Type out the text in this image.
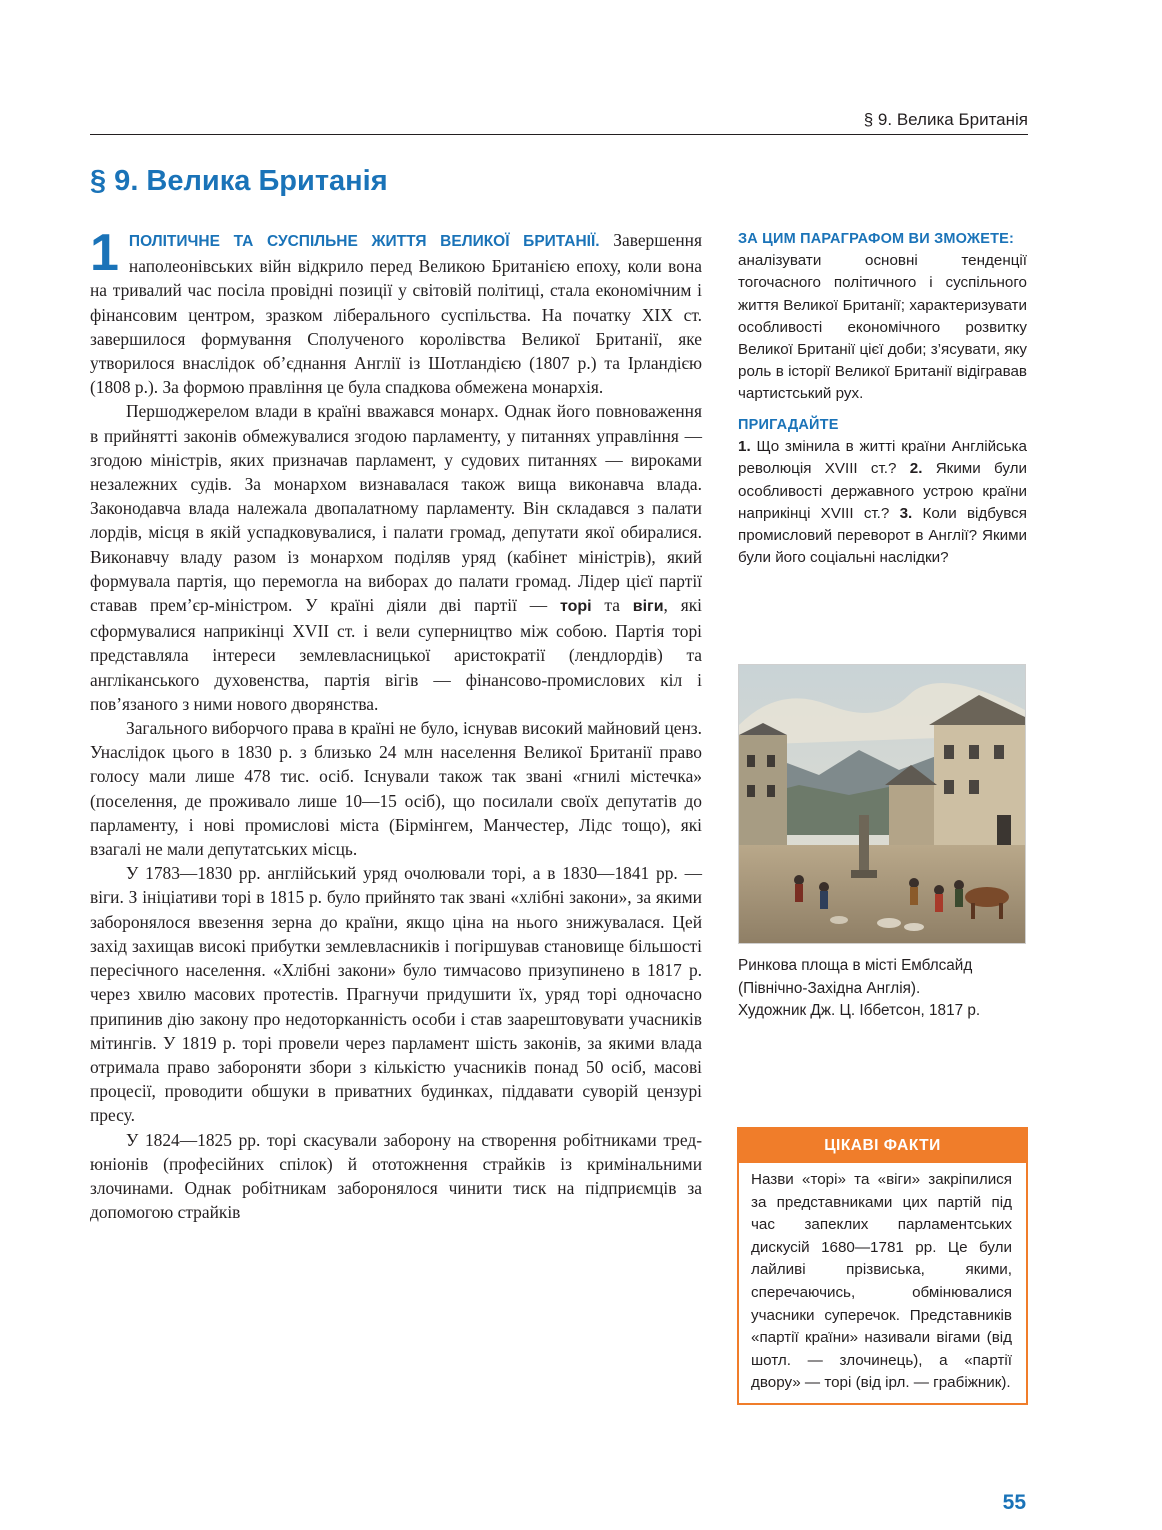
§ 9. Велика Британія
§ 9. Велика Британія

1 ПОЛІТИЧНЕ ТА СУСПІЛЬНЕ ЖИТТЯ ВЕЛИКОЇ БРИТАНІЇ. Завершення наполеонівських війн відкрило перед Великою Британією епоху, коли вона на тривалий час посіла провідні позиції у світовій політиці, стала економічним і фінансовим центром, зразком ліберального суспільства. На початку XIX ст. завершилося формування Сполученого королівства Великої Британії, яке утворилося внаслідок об’єднання Англії із Шотландією (1807 р.) та Ірландією (1808 р.). За формою правління це була спадкова обмежена монархія.

Першоджерелом влади в країні вважався монарх. Однак його повноваження в прийнятті законів обмежувалися згодою парламенту, у питаннях управління — згодою міністрів, яких призначав парламент, у судових питаннях — вироками незалежних судів. За монархом визнавалася також вища виконавча влада. Законодавча влада належала двопалатному парламенту. Він складався з палати лордів, місця в якій успадковувалися, і палати громад, депутати якої обиралися. Виконавчу владу разом із монархом поділяв уряд (кабінет міністрів), який формувала партія, що перемогла на виборах до палати громад. Лідер цієї партії ставав прем’єр-міністром. У країні діяли дві партії — торі та віги, які сформувалися наприкінці XVII ст. і вели суперництво між собою. Партія торі представляла інтереси землевласницької аристократії (лендлордів) та англіканського духовенства, партія вігів — фінансово-промислових кіл і пов’язаного з ними нового дворянства.

Загального виборчого права в країні не було, існував високий майновий ценз. Унаслідок цього в 1830 р. з близько 24 млн населення Великої Британії право голосу мали лише 478 тис. осіб. Існували також так звані «гнилі містечка» (поселення, де проживало лише 10—15 осіб), що посилали своїх депутатів до парламенту, і нові промислові міста (Бірмінгем, Манчестер, Лідс тощо), які взагалі не мали депутатських місць.

У 1783—1830 рр. англійський уряд очолювали торі, а в 1830—1841 рр. — віги. З ініціативи торі в 1815 р. було прийнято так звані «хлібні закони», за якими заборонялося ввезення зерна до країни, якщо ціна на нього знижувалася. Цей захід захищав високі прибутки землевласників і погіршував становище більшості пересічного населення. «Хлібні закони» було тимчасово призупинено в 1817 р. через хвилю масових протестів. Прагнучи придушити їх, уряд торі одночасно припинив дію закону про недоторканність особи і став заарештовувати учасників мітингів. У 1819 р. торі провели через парламент шість законів, за якими влада отримала право забороняти збори з кількістю учасників понад 50 осіб, масові процесії, проводити обшуки в приватних будинках, піддавати суворій цензурі пресу.

У 1824—1825 рр. торі скасували заборону на створення робітниками тред-юніонів (професійних спілок) й ототожнення страйків із кримінальними злочинами. Однак робітникам заборонялося чинити тиск на підприємців за допомогою страйків

ЗА ЦИМ ПАРАГРАФОМ ВИ ЗМОЖЕТЕ:

аналізувати основні тенденції тогочасного політичного і суспільного життя Великої Британії; характеризувати особливості економічного розвитку Великої Британії цієї доби; з’ясувати, яку роль в історії Великої Британії відігравав чартистський рух.

ПРИГАДАЙТЕ

1. Що змінила в житті країни Англійська революція XVIII ст.? 2. Якими були особливості державного устрою країни наприкінці XVIII ст.? 3. Коли відбувся промисловий переворот в Англії? Якими були його соціальні наслідки?

Ринкова площа в місті Емблсайд
(Північно-Західна Англія).
Художник Дж. Ц. Іббетсон, 1817 р.
ЦІКАВІ ФАКТИ
Назви «торі» та «віги» закріпилися за представниками цих партій під час запеклих парламентських дискусій 1680—1781 рр. Це були лайливі прізвиська, якими, сперечаючись, обмінювалися учасники суперечок. Представників «партії країни» називали вігами (від шотл. — злочинець), а «партії двору» — торі (від ірл. — грабіжник).
55
